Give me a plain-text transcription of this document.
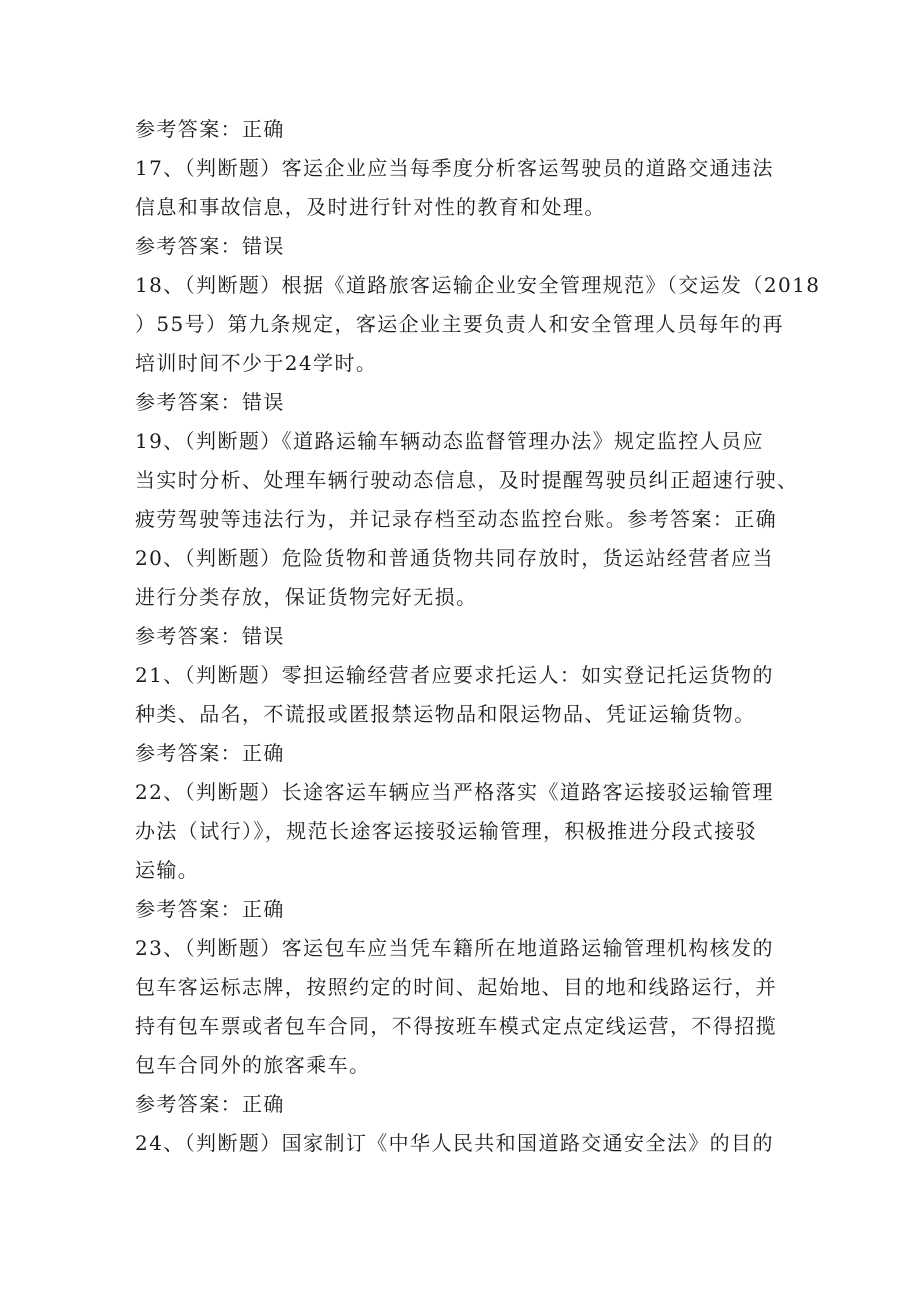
参考答案：正确
17、（判断题）客运企业应当每季度分析客运驾驶员的道路交通违法
信息和事故信息，及时进行针对性的教育和处理。
参考答案：错误
18、（判断题）根据《道路旅客运输企业安全管理规范》（交运发（2018
）55号）第九条规定，客运企业主要负责人和安全管理人员每年的再
培训时间不少于24学时。
参考答案：错误
19、（判断题）《道路运输车辆动态监督管理办法》规定监控人员应
当实时分析、处理车辆行驶动态信息，及时提醒驾驶员纠正超速行驶、
疲劳驾驶等违法行为，并记录存档至动态监控台账。参考答案：正确
20、（判断题）危险货物和普通货物共同存放时，货运站经营者应当
进行分类存放，保证货物完好无损。
参考答案：错误
21、（判断题）零担运输经营者应要求托运人：如实登记托运货物的
种类、品名，不谎报或匿报禁运物品和限运物品、凭证运输货物。
参考答案：正确
22、（判断题）长途客运车辆应当严格落实《道路客运接驳运输管理
办法（试行）》，规范长途客运接驳运输管理，积极推进分段式接驳
运输。
参考答案：正确
23、（判断题）客运包车应当凭车籍所在地道路运输管理机构核发的
包车客运标志牌，按照约定的时间、起始地、目的地和线路运行，并
持有包车票或者包车合同，不得按班车模式定点定线运营，不得招揽
包车合同外的旅客乘车。
参考答案：正确
24、（判断题）国家制订《中华人民共和国道路交通安全法》的目的
